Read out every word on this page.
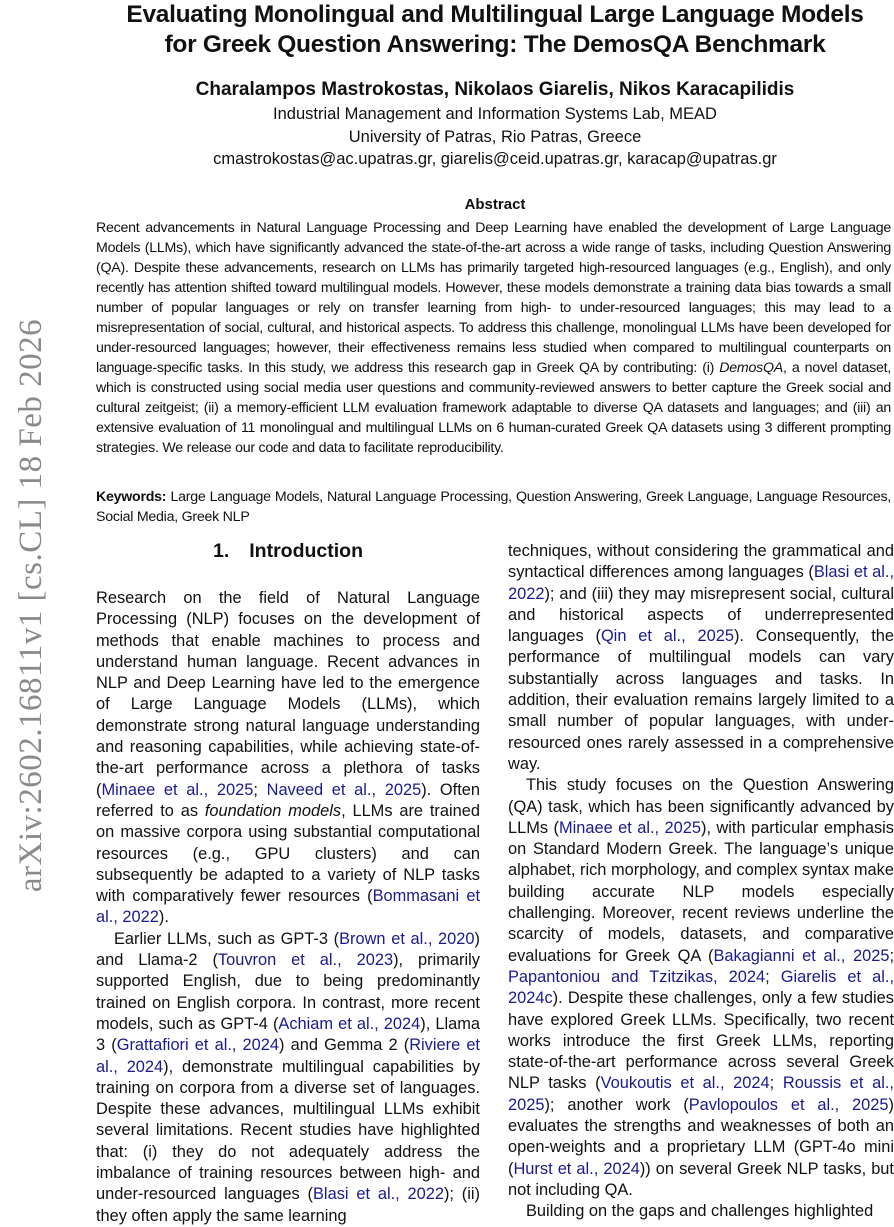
arXiv:2602.16811v1 [cs.CL] 18 Feb 2026
Evaluating Monolingual and Multilingual Large Language Models
for Greek Question Answering: The DemosQA Benchmark
Charalampos Mastrokostas, Nikolaos Giarelis, Nikos Karacapilidis
Industrial Management and Information Systems Lab, MEAD
University of Patras, Rio Patras, Greece
cmastrokostas@ac.upatras.gr, giarelis@ceid.upatras.gr, karacap@upatras.gr
Abstract

Recent advancements in Natural Language Processing and Deep Learning have enabled the development of Large Language Models (LLMs), which have significantly advanced the state-of-the-art across a wide range of tasks, including Question Answering (QA). Despite these advancements, research on LLMs has primarily targeted high-resourced languages (e.g., English), and only recently has attention shifted toward multilingual models. However, these models demonstrate a training data bias towards a small number of popular languages or rely on transfer learning from high- to under-resourced languages; this may lead to a misrepresentation of social, cultural, and historical aspects. To address this challenge, monolingual LLMs have been developed for under-resourced languages; however, their effectiveness remains less studied when compared to multilingual counterparts on language-specific tasks. In this study, we address this research gap in Greek QA by contributing: (i) DemosQA, a novel dataset, which is constructed using social media user questions and community-reviewed answers to better capture the Greek social and cultural zeitgeist; (ii) a memory-efficient LLM evaluation framework adaptable to diverse QA datasets and languages; and (iii) an extensive evaluation of 11 monolingual and multilingual LLMs on 6 human-curated Greek QA datasets using 3 different prompting strategies. We release our code and data to facilitate reproducibility.

Keywords: Large Language Models, Natural Language Processing, Question Answering, Greek Language, Language Resources, Social Media, Greek NLP

1. Introduction

Research on the field of Natural Language Processing (NLP) focuses on the development of methods that enable machines to process and understand human language. Recent advances in NLP and Deep Learning have led to the emergence of Large Language Models (LLMs), which demonstrate strong natural language understanding and reasoning capabilities, while achieving state-of-the-art performance across a plethora of tasks (Minaee et al., 2025; Naveed et al., 2025). Often referred to as foundation models, LLMs are trained on massive corpora using substantial computational resources (e.g., GPU clusters) and can subsequently be adapted to a variety of NLP tasks with comparatively fewer resources (Bommasani et al., 2022).

Earlier LLMs, such as GPT-3 (Brown et al., 2020) and Llama-2 (Touvron et al., 2023), primarily supported English, due to being predominantly trained on English corpora. In contrast, more recent models, such as GPT-4 (Achiam et al., 2024), Llama 3 (Grattafiori et al., 2024) and Gemma 2 (Riviere et al., 2024), demonstrate multilingual capabilities by training on corpora from a diverse set of languages. Despite these advances, multilingual LLMs exhibit several limitations. Recent studies have highlighted that: (i) they do not adequately address the imbalance of training resources between high- and under-resourced languages (Blasi et al., 2022); (ii) they often apply the same learning

techniques, without considering the grammatical and syntactical differences among languages (Blasi et al., 2022); and (iii) they may misrepresent social, cultural and historical aspects of underrepresented languages (Qin et al., 2025). Consequently, the performance of multilingual models can vary substantially across languages and tasks. In addition, their evaluation remains largely limited to a small number of popular languages, with under-resourced ones rarely assessed in a comprehensive way.

This study focuses on the Question Answering (QA) task, which has been significantly advanced by LLMs (Minaee et al., 2025), with particular emphasis on Standard Modern Greek. The language’s unique alphabet, rich morphology, and complex syntax make building accurate NLP models especially challenging. Moreover, recent reviews underline the scarcity of models, datasets, and comparative evaluations for Greek QA (Bakagianni et al., 2025; Papantoniou and Tzitzikas, 2024; Giarelis et al., 2024c). Despite these challenges, only a few studies have explored Greek LLMs. Specifically, two recent works introduce the first Greek LLMs, reporting state-of-the-art performance across several Greek NLP tasks (Voukoutis et al., 2024; Roussis et al., 2025); another work (Pavlopoulos et al., 2025) evaluates the strengths and weaknesses of both an open-weights and a proprietary LLM (GPT-4o mini (Hurst et al., 2024)) on several Greek NLP tasks, but not including QA.

Building on the gaps and challenges highlighted
